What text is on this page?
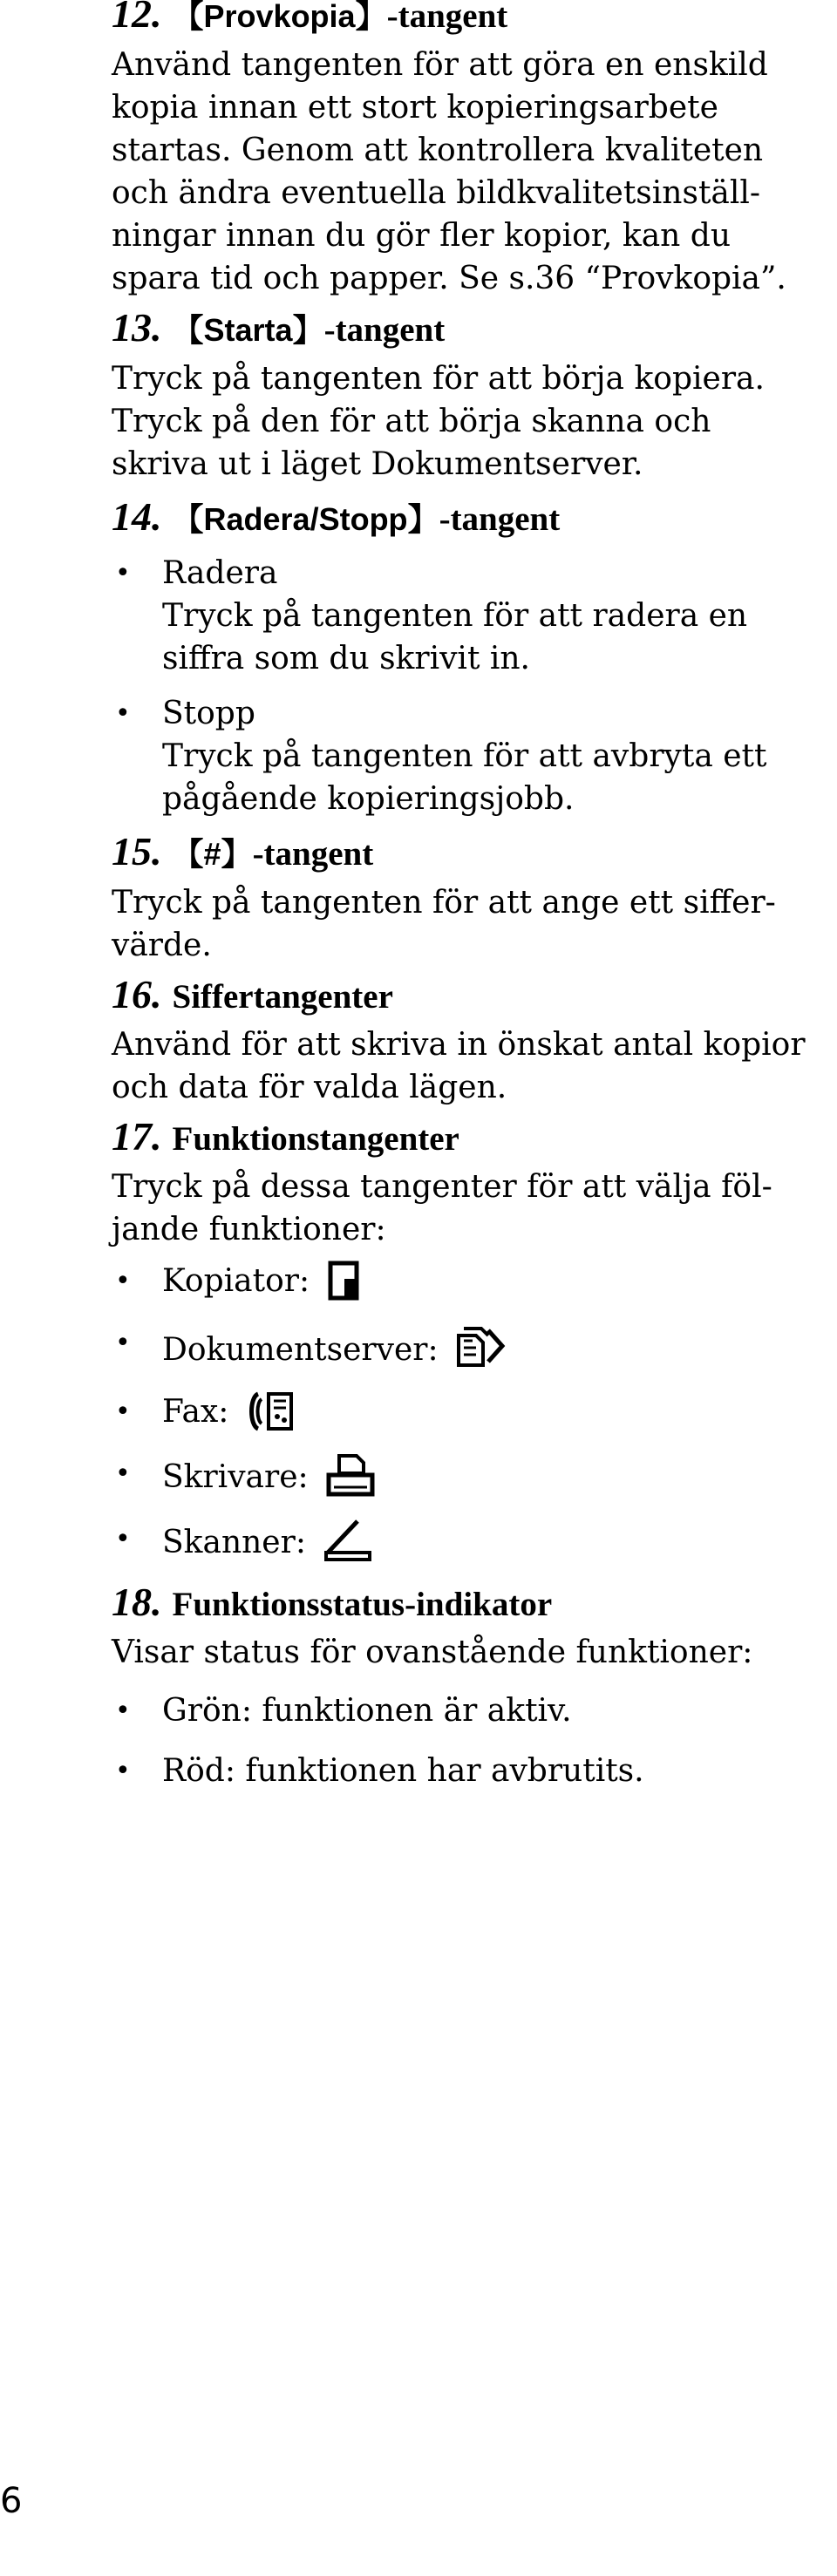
12. 【 Provkopia 】 -tangent

Använd tangenten för att göra en enskild kopia innan ett stort kopieringsarbete startas. Genom att kontrollera kvaliteten och ändra eventuella bildkvalitetsinställningar innan du gör fler kopior, kan du spara tid och papper. Se s.36 “Provkopia”.

13. 【 Starta 】 -tangent

Tryck på tangenten för att börja kopiera. Tryck på den för att börja skanna och skriva ut i läget Dokumentserver.

14. 【 Radera/Stopp 】 -tangent
• Radera
Tryck på tangenten för att radera en siffra som du skrivit in.
• Stopp
Tryck på tangenten för att avbryta ett pågående kopieringsjobb.
15. 【 # 】 -tangent

Tryck på tangenten för att ange ett siffervärde.

16. Siffertangenter

Använd för att skriva in önskat antal kopior och data för valda lägen.

17. Funktionstangenter

Tryck på dessa tangenter för att välja följande funktioner:

• Kopiator:
• Dokumentserver:
• Fax:
• Skrivare:
• Skanner:
18. Funktionsstatus-indikator

Visar status för ovanstående funktioner:

• Grön: funktionen är aktiv.
• Röd: funktionen har avbrutits.
6
